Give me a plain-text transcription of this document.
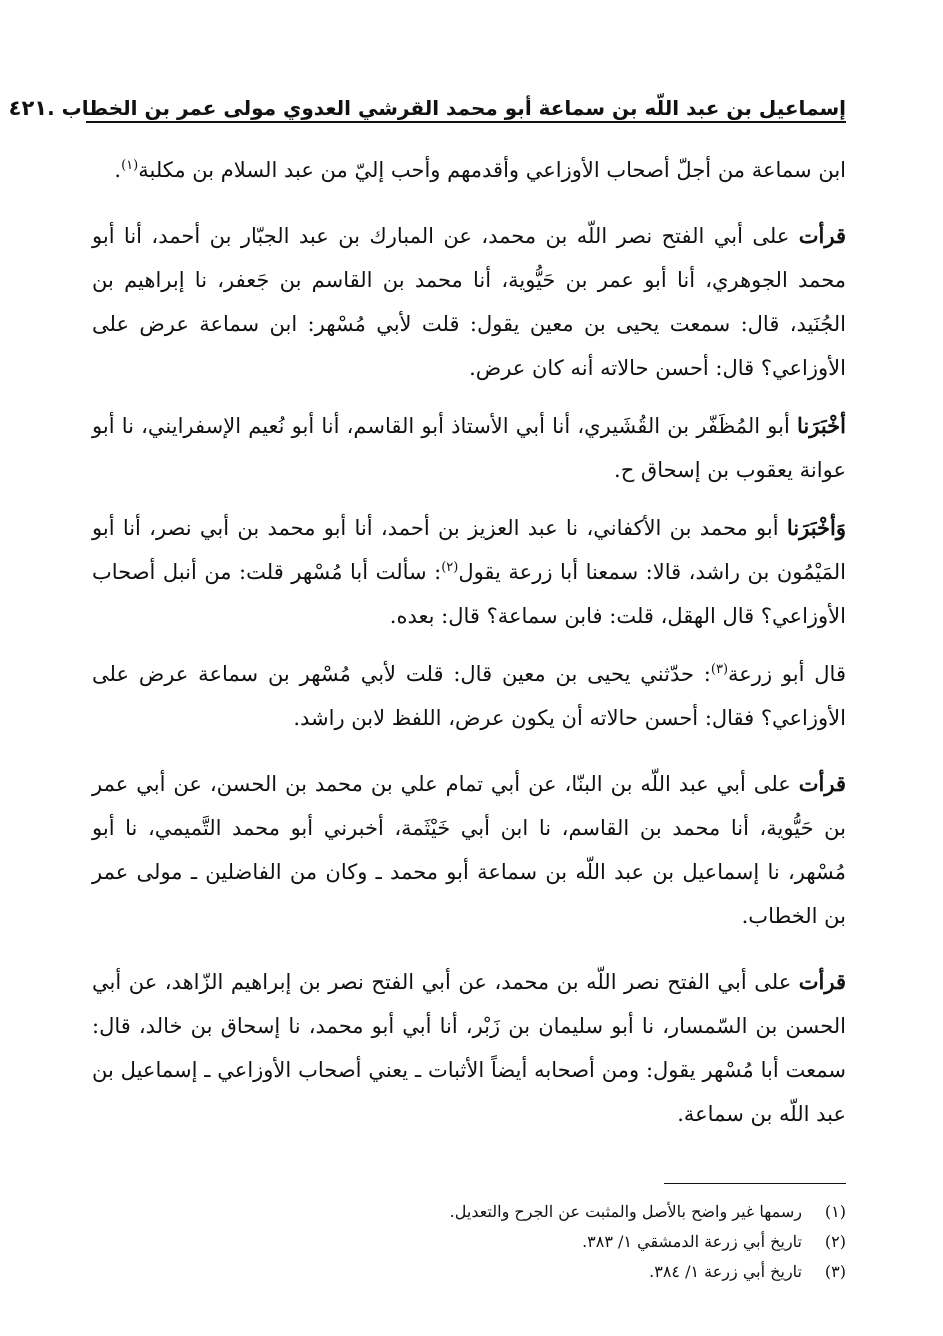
إسماعيل بن عبد اللّه بن سماعة أبو محمد القرشي العدوي مولى عمر بن الخطاب .
٤٢١

ابن سماعة من أجلّ أصحاب الأوزاعي وأقدمهم وأحب إليّ من عبد السلام بن مكلبة$^{(١)}$.

قرأت على أبي الفتح نصر اللّه بن محمد، عن المبارك بن عبد الجبّار بن أحمد، أنا أبو محمد الجوهري، أنا أبو عمر بن حَيُّوية، أنا محمد بن القاسم بن جَعفر، نا إبراهيم بن الجُنَيد، قال: سمعت يحيى بن معين يقول: قلت لأبي مُسْهر: ابن سماعة عرض على الأوزاعي؟ قال: أحسن حالاته أنه كان عرض.

أخْبَرَنا أبو المُظَفّر بن القُشَيري، أنا أبي الأستاذ أبو القاسم، أنا أبو نُعيم الإسفرايني، نا أبو عوانة يعقوب بن إسحاق ح.

وَأخْبَرَنا أبو محمد بن الأكفاني، نا عبد العزيز بن أحمد، أنا أبو محمد بن أبي نصر، أنا أبو المَيْمُون بن راشد، قالا: سمعنا أبا زرعة يقول$^{(٢)}$: سألت أبا مُسْهر قلت: من أنبل أصحاب الأوزاعي؟ قال الهقل، قلت: فابن سماعة؟ قال: بعده.

قال أبو زرعة$^{(٣)}$: حدّثني يحيى بن معين قال: قلت لأبي مُسْهر بن سماعة عرض على الأوزاعي؟ فقال: أحسن حالاته أن يكون عرض، اللفظ لابن راشد.

قرأت على أبي عبد اللّه بن البنّا، عن أبي تمام علي بن محمد بن الحسن، عن أبي عمر بن حَيُّوية، أنا محمد بن القاسم، نا ابن أبي خَيْثَمة، أخبرني أبو محمد التَّميمي، نا أبو مُسْهر، نا إسماعيل بن عبد اللّه بن سماعة أبو محمد ـ وكان من الفاضلين ـ مولى عمر بن الخطاب.

قرأت على أبي الفتح نصر اللّه بن محمد، عن أبي الفتح نصر بن إبراهيم الزّاهد، عن أبي الحسن بن السّمسار، نا أبو سليمان بن زَبْر، أنا أبي أبو محمد، نا إسحاق بن خالد، قال: سمعت أبا مُسْهر يقول: ومن أصحابه أيضاً الأثبات ـ يعني أصحاب الأوزاعي ـ إسماعيل بن عبد اللّه بن سماعة.

(١)رسمها غير واضح بالأصل والمثبت عن الجرح والتعديل.
(٢)تاريخ أبي زرعة الدمشقي ١/ ٣٨٣.
(٣)تاريخ أبي زرعة ١/ ٣٨٤.
